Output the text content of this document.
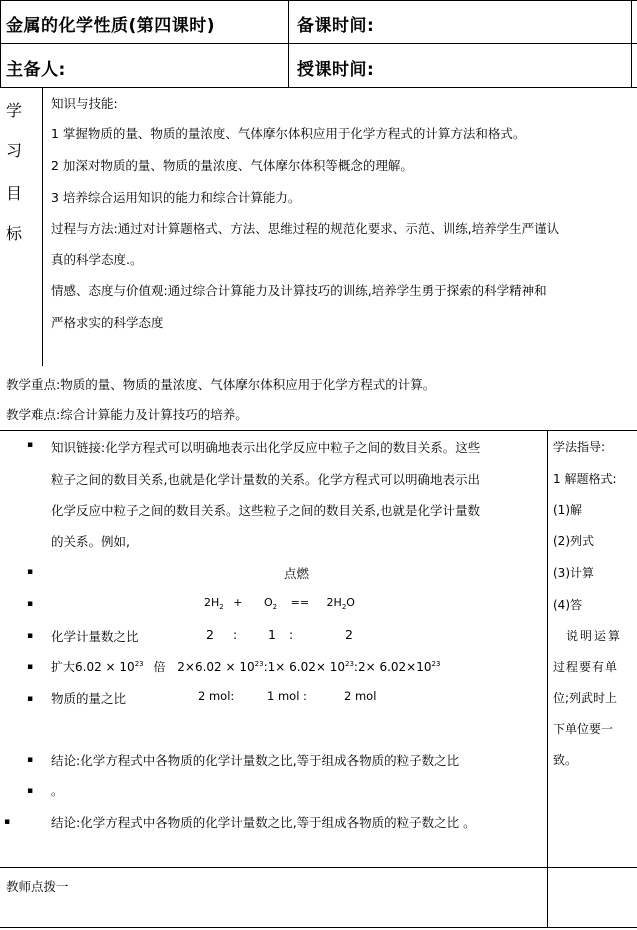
金属的化学性质(第四课时)	备课时间:
主备人:	授课时间:
学
习
目
标
知识与技能:
1 掌握物质的量、物质的量浓度、气体摩尔体积应用于化学方程式的计算方法和格式。
2 加深对物质的量、物质的量浓度、气体摩尔体积等概念的理解。
3 培养综合运用知识的能力和综合计算能力。
过程与方法:通过对计算题格式、方法、思维过程的规范化要求、示范、训练,培养学生严谨认
真的科学态度.。
情感、态度与价值观:通过综合计算能力及计算技巧的训练,培养学生勇于探索的科学精神和
严格求实的科学态度
教学重点:物质的量、物质的量浓度、气体摩尔体积应用于化学方程式的计算。
教学难点:综合计算能力及计算技巧的培养。
▪ 知识链接:化学方程式可以明确地表示出化学反应中粒子之间的数目关系。这些
粒子之间的数目关系,也就是化学计量数的关系。化学方程式可以明确地表示出
化学反应中粒子之间的数目关系。这些粒子之间的数目关系,也就是化学计量数
的关系。例如,
▪	点燃
▪	$2H_2 + O_2 == 2H_2O$
▪ 化学计量数之比	2 : 1 :	2
▪ 扩大$6.02 \times 10^{23}$ 倍 $2\times 6.02 \times 10^{23}:1\times 6.02\times$ $10^{23}:2\times 6.02\times 10^{23}$
▪ 物质的量之比	2 mol:	1 mol :	2 mol
▪ 结论:化学方程式中各物质的化学计量数之比,等于组成各物质的粒子数之比
▪ 。
▪	结论:化学方程式中各物质的化学计量数之比,等于组成各物质的粒子数之比 。
学法指导:
1 解题格式:
(1)解
(2)列式
(3)计算
(4)答
说明运算
过程要有单
位;列武时上
下单位要一
致。
教师点拨一
